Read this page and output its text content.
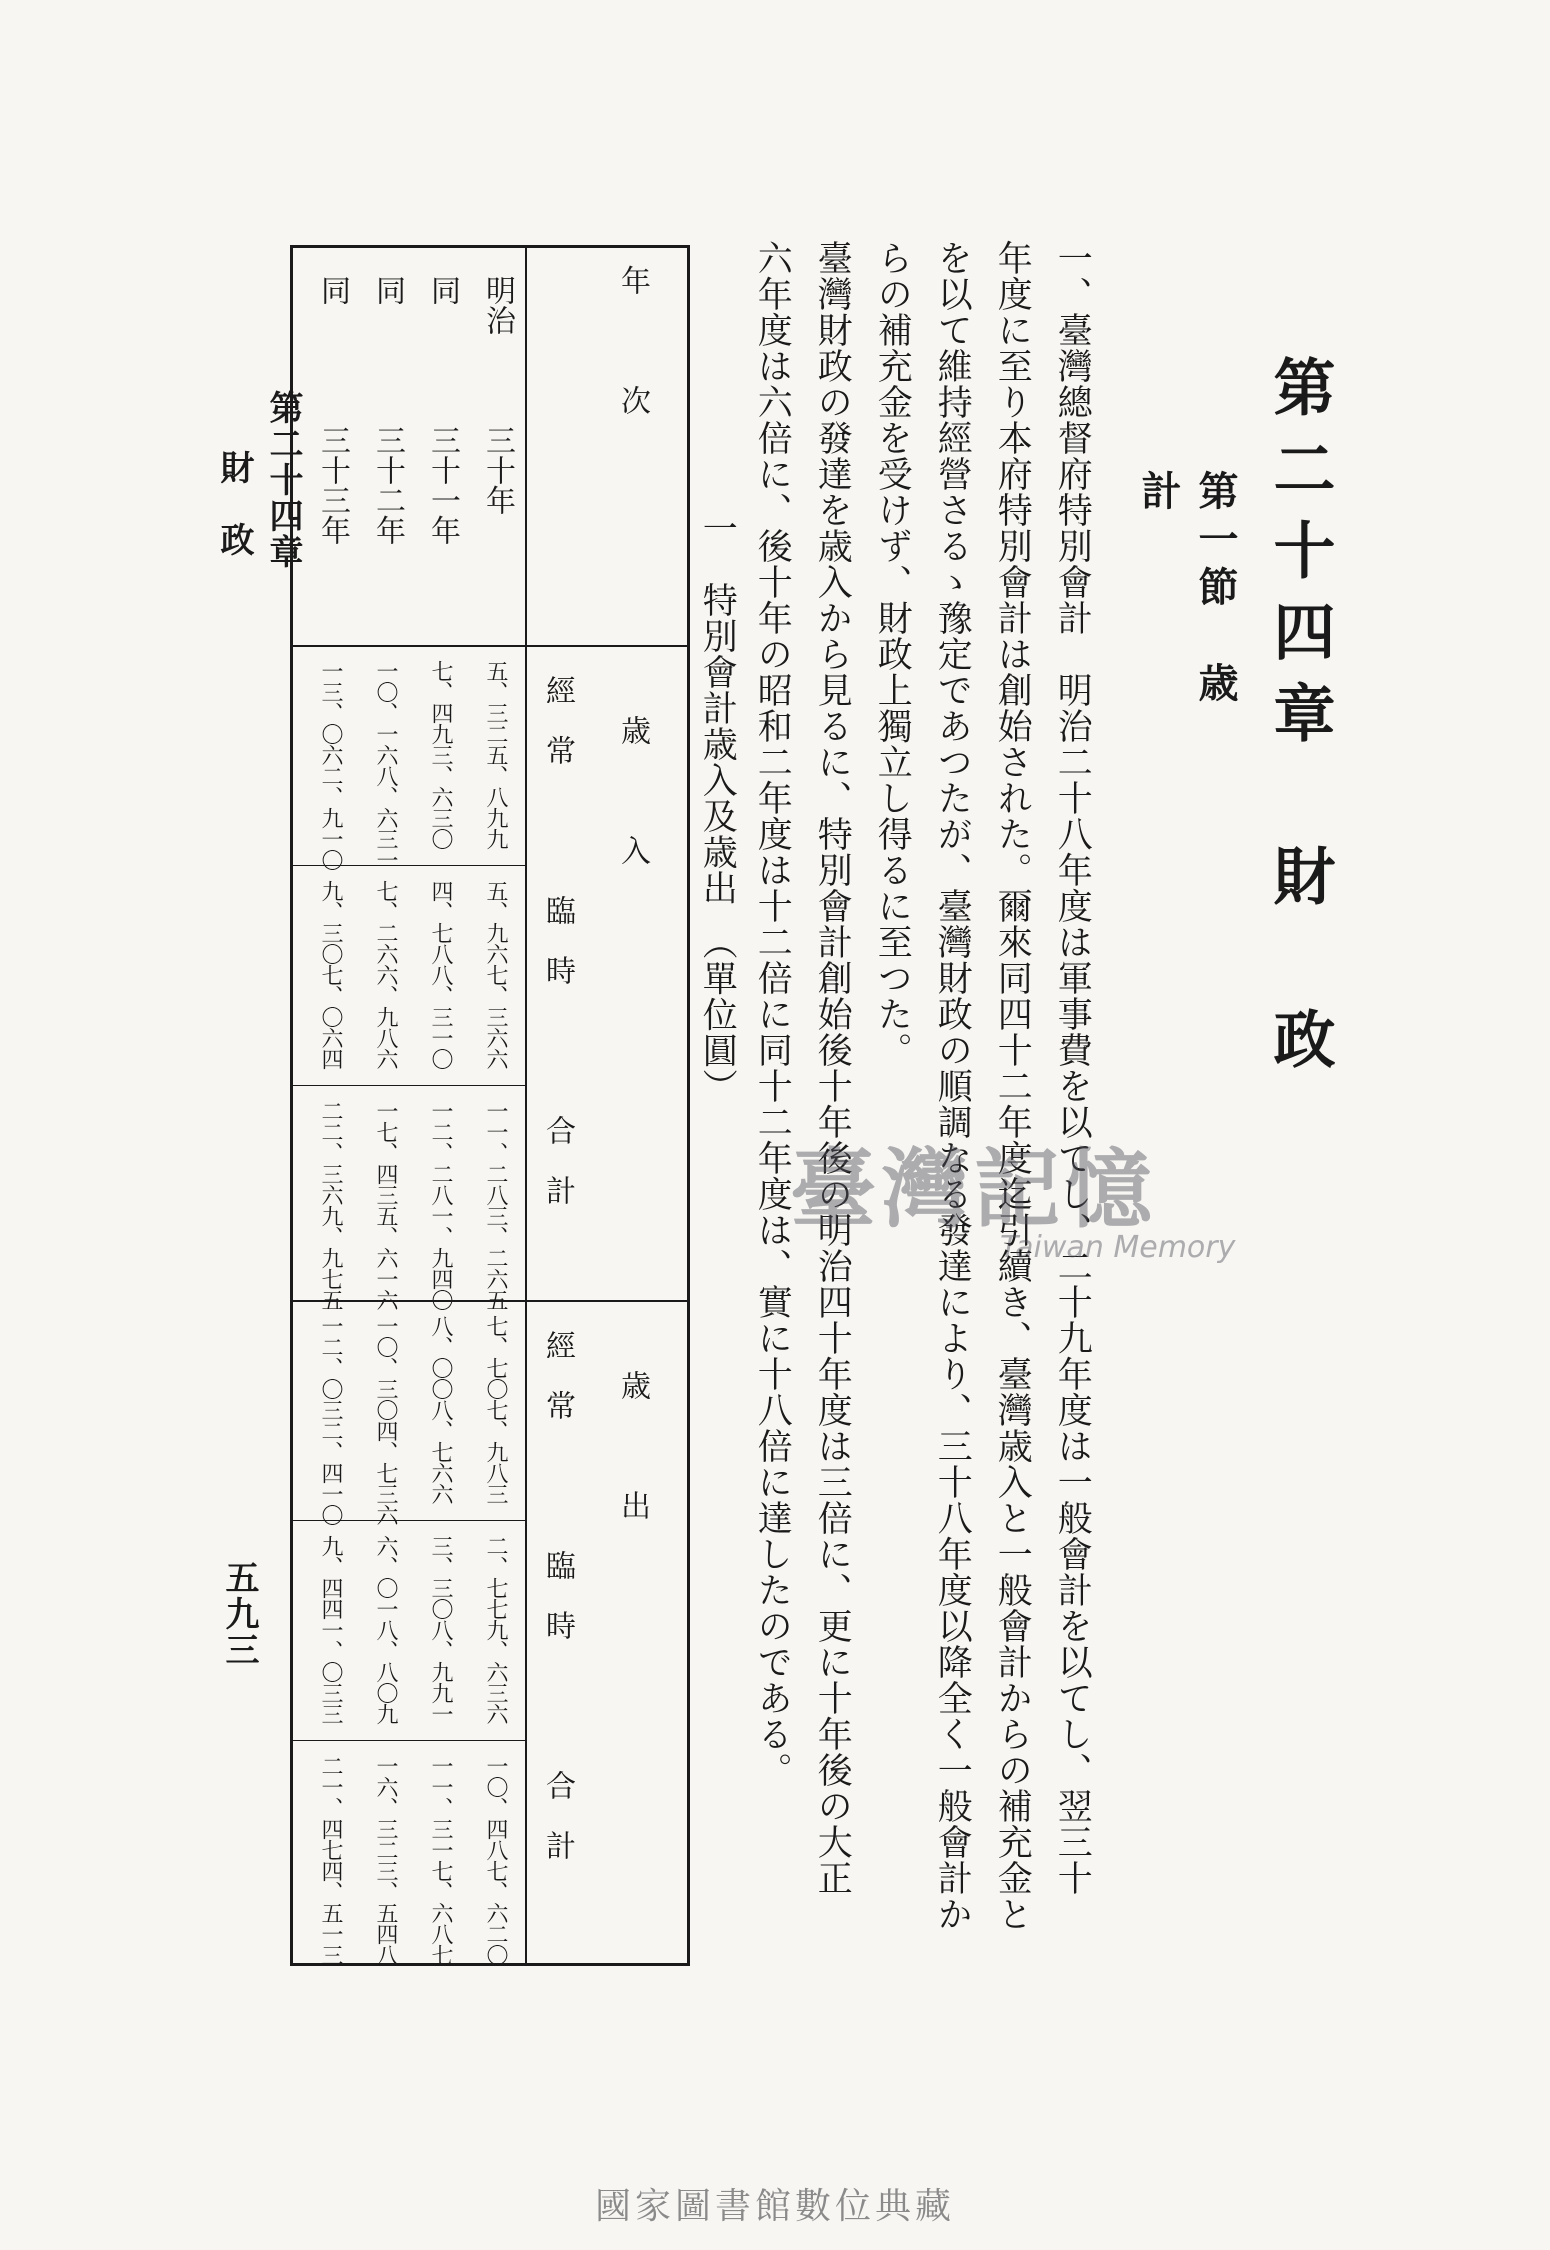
第二十四章　財　政
第一節　歳
計
一、臺灣總督府特別會計　明治二十八年度は軍事費を以てし、二十九年度は一般會計を以てし、翌三十
年度に至り本府特別會計は創始された。爾來同四十二年度迄引續き、臺灣歳入と一般會計からの補充金と
を以て維持經營さるゝ豫定であつたが、臺灣財政の順調なる發達により、三十八年度以降全く一般會計か
らの補充金を受けず、財政上獨立し得るに至つた。
臺灣財政の發達を歳入から見るに、特別會計創始後十年後の明治四十年度は三倍に、更に十年後の大正
六年度は六倍に、後十年の昭和二年度は十二倍に同十二年度は、實に十八倍に達したのである。
一　特別會計歳入及歳出　（單位圓）
臺灣記憶
Taiwan Memory
年　　　次
歳　　　入
歳　　　出
經　常
臨　時
合　計
經　常
臨　時
合　計
明治
三十年
五、三二五、八九九
五、九六七、三六六
一一、二八三、二六五
七、七〇七、九八三
二、七七九、六三六
一〇、四八七、六二〇
同
三十一年
七、四九三、六三〇
四、七八八、三一〇
一二、二八一、九四〇
八、〇〇八、七六六
三、三〇八、九九一
一一、三一七、六八七
同
三十二年
一〇、一六八、六三一
七、二六六、九八六
一七、四三五、六一六
一〇、三〇四、七三六
六、〇一八、八〇九
一六、三二三、五四八
同
三十三年
一三、〇六二、九一〇
九、三〇七、〇六四
二二、三六九、九七五
一二、〇三二、四一〇
九、四四一、〇三三
二一、四七四、五一三
第二十四章
財　政
五九三
國家圖書館數位典藏
